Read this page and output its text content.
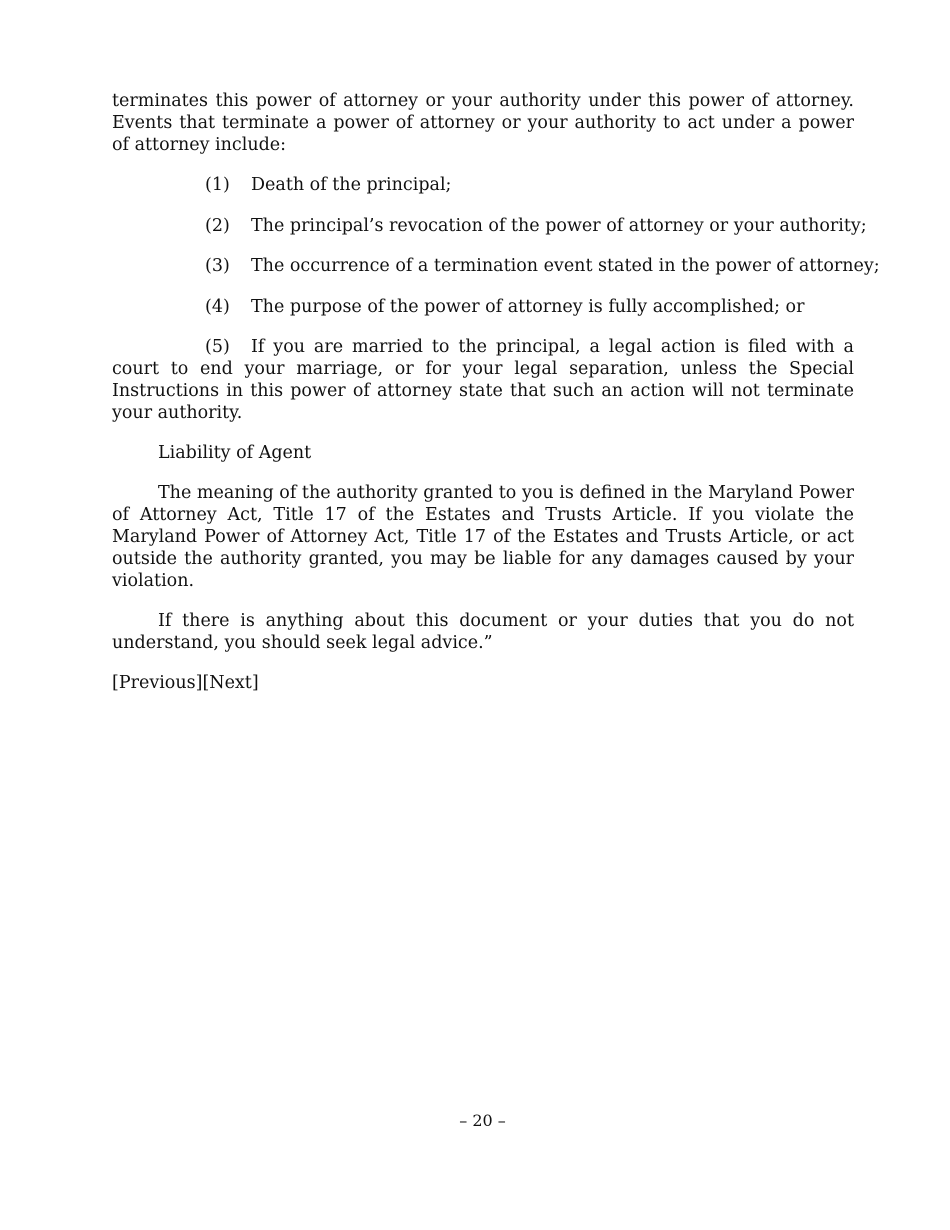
terminates this power of attorney or your authority under this power of attorney. Events that terminate a power of attorney or your authority to act under a power of attorney include:

(1)	Death of the principal;
(2)	The principal’s revocation of the power of attorney or your authority;
(3)	The occurrence of a termination event stated in the power of attorney;
(4)	The purpose of the power of attorney is fully accomplished; or

(5) If you are married to the principal, a legal action is filed with a court to end your marriage, or for your legal separation, unless the Special Instructions in this power of attorney state that such an action will not terminate your authority.

Liability of Agent

The meaning of the authority granted to you is defined in the Maryland Power of Attorney Act, Title 17 of the Estates and Trusts Article. If you violate the Maryland Power of Attorney Act, Title 17 of the Estates and Trusts Article, or act outside the authority granted, you may be liable for any damages caused by your violation.

If there is anything about this document or your duties that you do not understand, you should seek legal advice.”

[Previous][Next]

– 20 –
